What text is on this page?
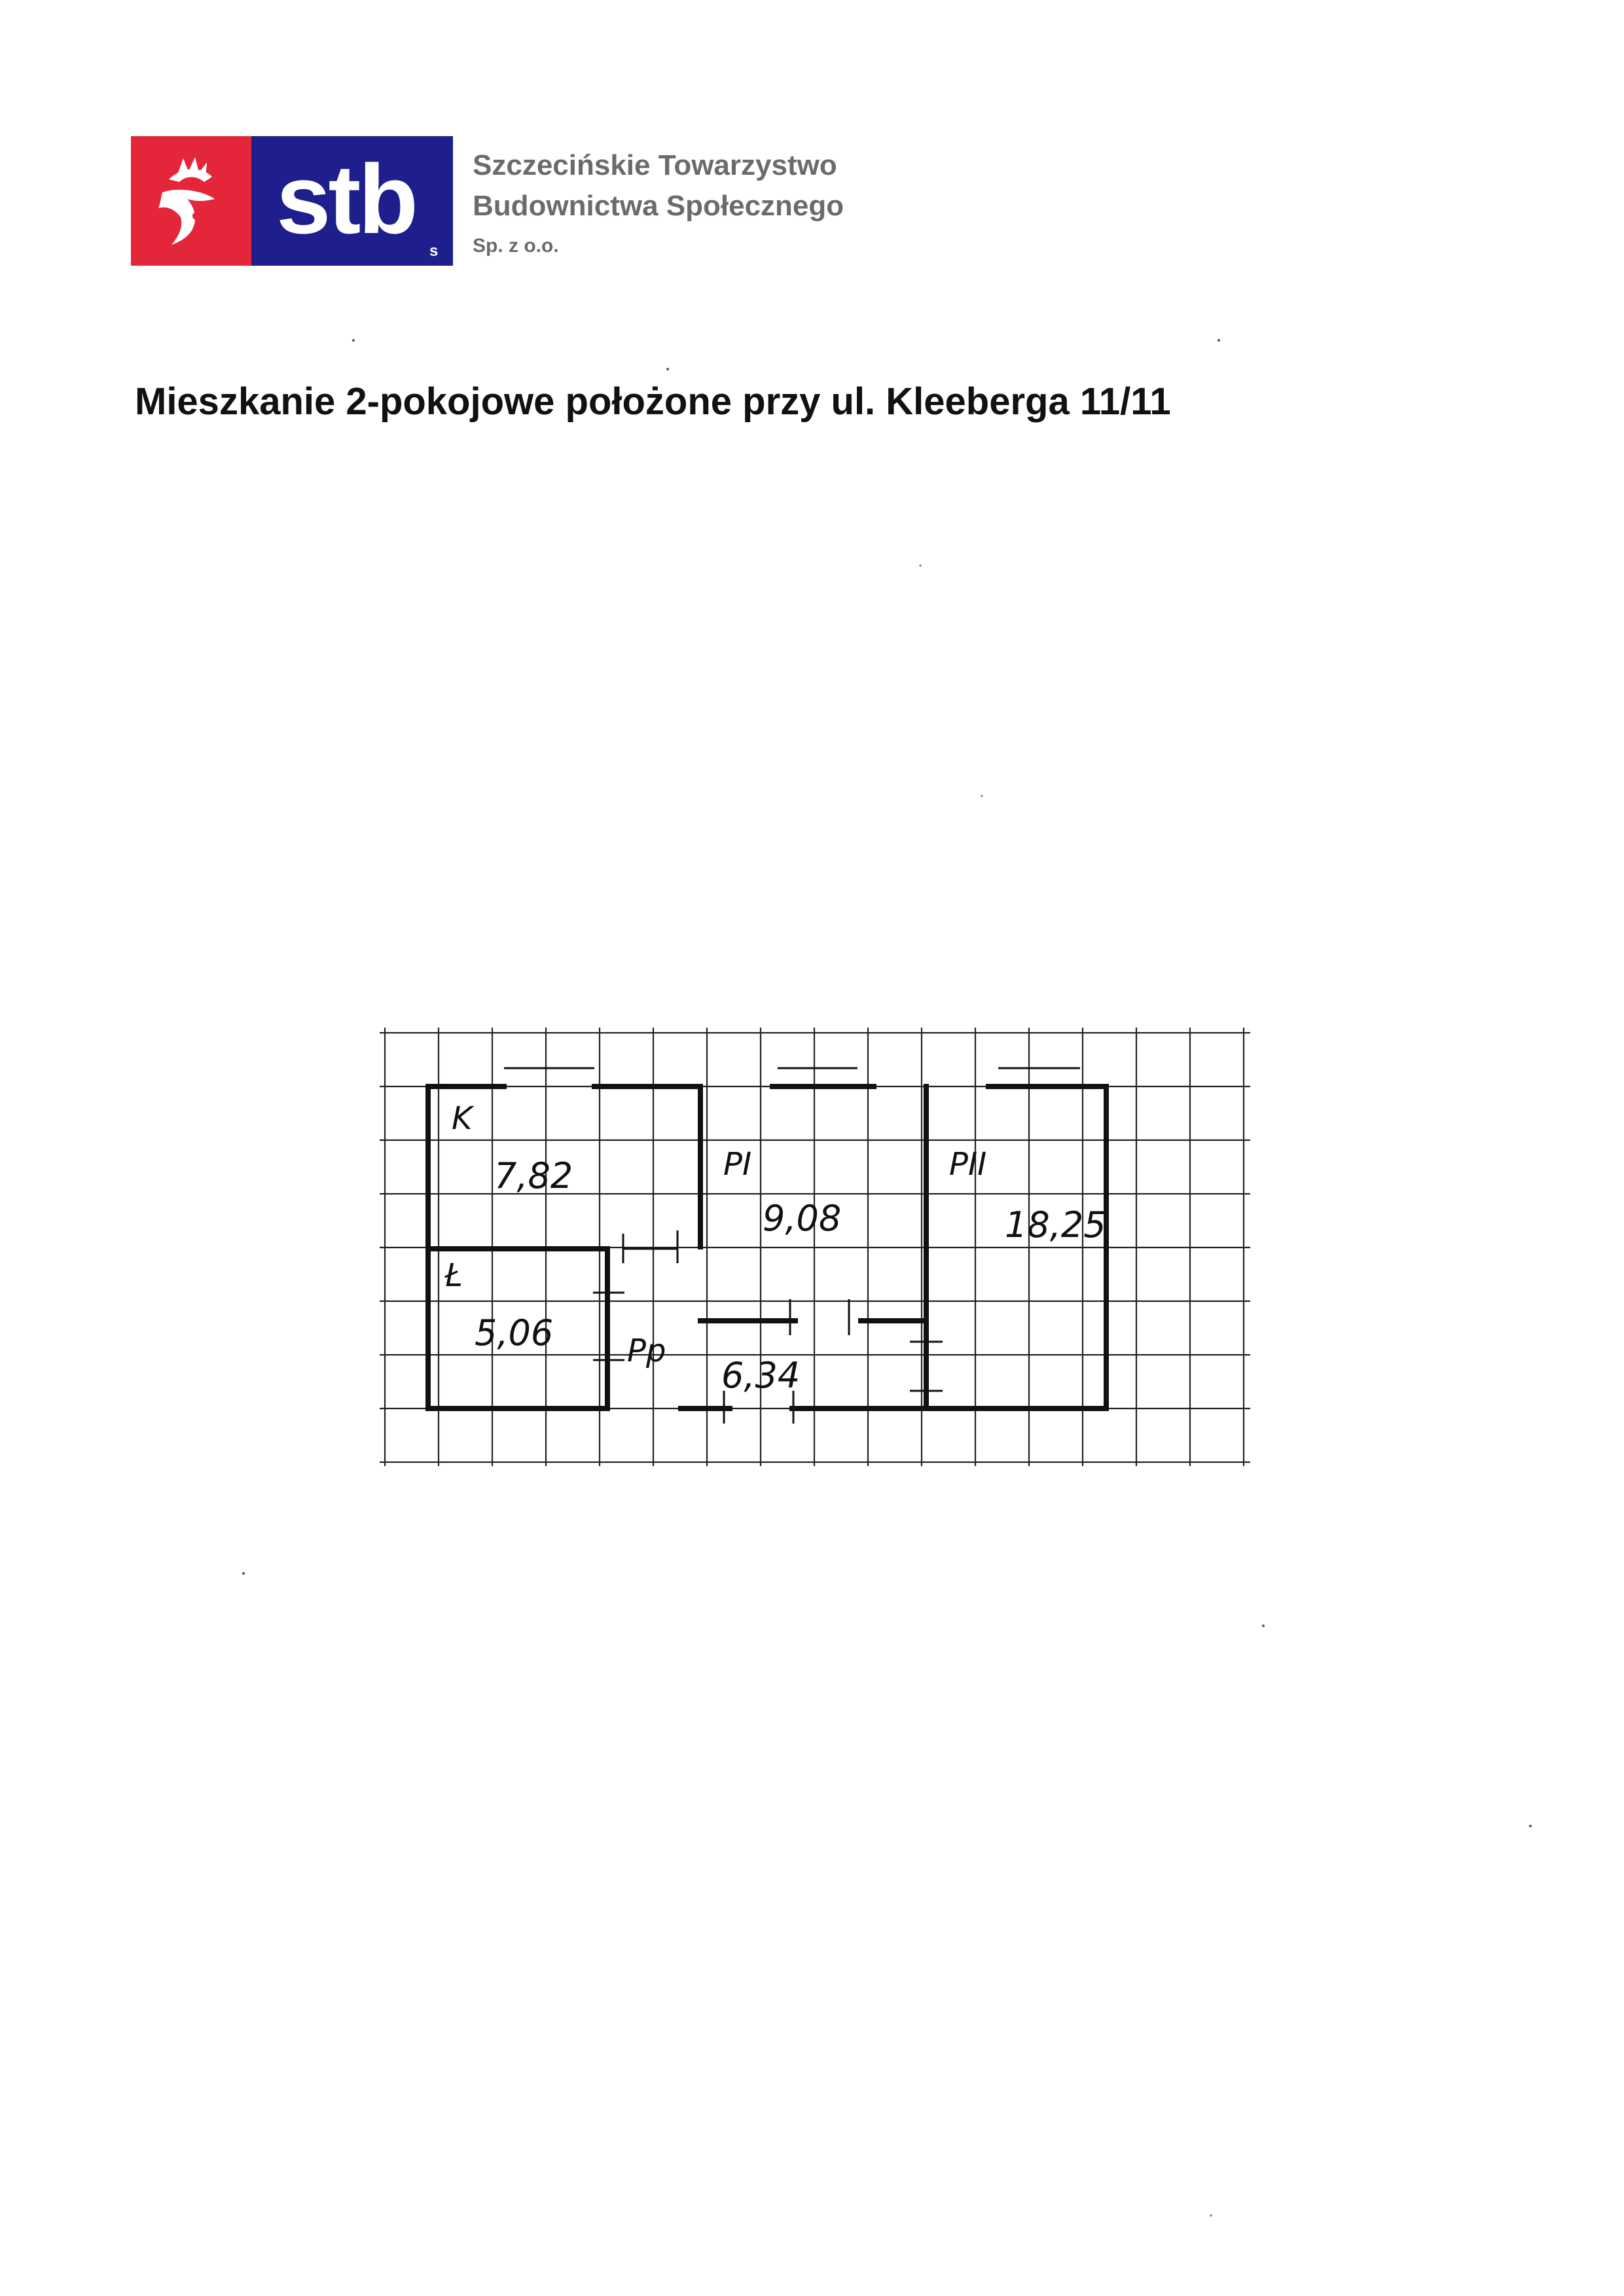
stb s
Szczecińskie Towarzystwo
Budownictwa Społecznego
Sp. z o.o.
Mieszkanie 2-pokojowe położone przy ul. Kleeberga 11/11
K
7,82	PI
9,08
PII
18,25
Ł
5,06 Pp
6,34
